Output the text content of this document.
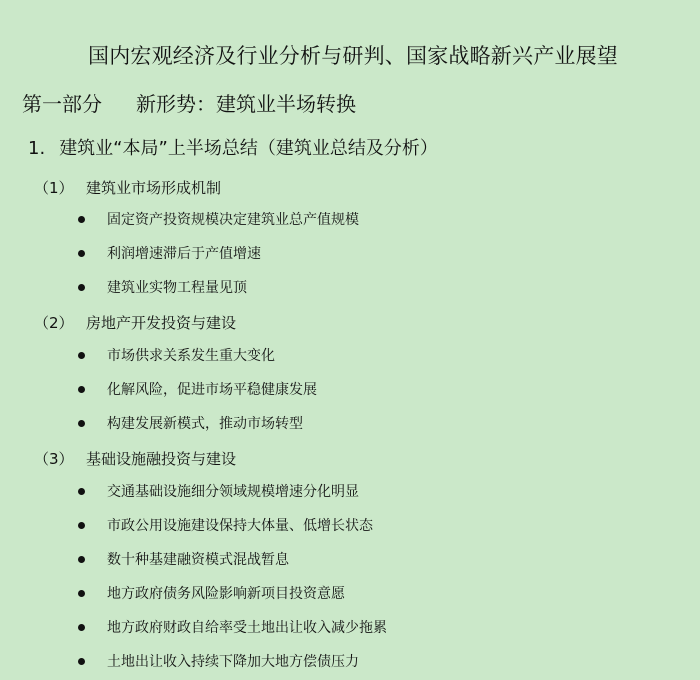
国内宏观经济及行业分析与研判、国家战略新兴产业展望
第一部分 新形势：建筑业半场转换
1. 建筑业“本局”上半场总结（建筑业总结及分析）
（1） 建筑业市场形成机制
固定资产投资规模决定建筑业总产值规模
利润增速滞后于产值增速
建筑业实物工程量见顶
（2） 房地产开发投资与建设
市场供求关系发生重大变化
化解风险，促进市场平稳健康发展
构建发展新模式，推动市场转型
（3） 基础设施融投资与建设
交通基础设施细分领域规模增速分化明显
市政公用设施建设保持大体量、低增长状态
数十种基建融资模式混战暂息
地方政府债务风险影响新项目投资意愿
地方政府财政自给率受土地出让收入减少拖累
土地出让收入持续下降加大地方偿债压力
